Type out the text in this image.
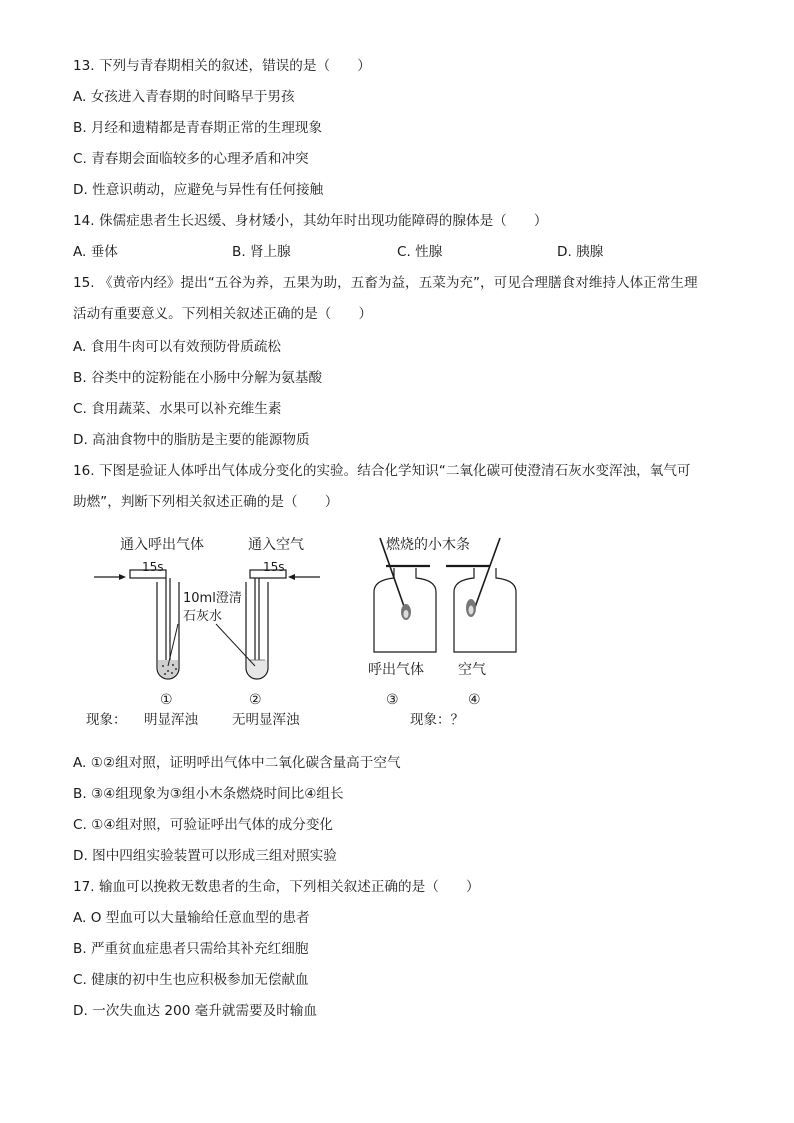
13. 下列与青春期相关的叙述，错误的是（　　）
A. 女孩进入青春期的时间略早于男孩
B. 月经和遗精都是青春期正常的生理现象
C. 青春期会面临较多的心理矛盾和冲突
D. 性意识萌动，应避免与异性有任何接触
14. 侏儒症患者生长迟缓、身材矮小，其幼年时出现功能障碍的腺体是（　　）
A. 垂体	B. 肾上腺	C. 性腺	D. 胰腺
15. 《黄帝内经》提出“五谷为养，五果为助，五畜为益，五菜为充”，可见合理膳食对维持人体正常生理
活动有重要意义。下列相关叙述正确的是（　　）
A. 食用牛肉可以有效预防骨质疏松
B. 谷类中的淀粉能在小肠中分解为氨基酸
C. 食用蔬菜、水果可以补充维生素
D. 高油食物中的脂肪是主要的能源物质
16. 下图是验证人体呼出气体成分变化的实验。结合化学知识“二氧化碳可使澄清石灰水变浑浊，氧气可
助燃”，判断下列相关叙述正确的是（　　）
通入呼出气体	通入空气
15s	15s
10ml澄清
石灰水
①	②
现象： 明显浑浊	无明显浑浊	现象：？
燃烧的小木条
呼出气体
③
空气
④
A. ①②组对照，证明呼出气体中二氧化碳含量高于空气
B. ③④组现象为③组小木条燃烧时间比④组长
C. ①④组对照，可验证呼出气体的成分变化
D. 图中四组实验装置可以形成三组对照实验
17. 输血可以挽救无数患者的生命，下列相关叙述正确的是（　　）
A. O 型血可以大量输给任意血型的患者
B. 严重贫血症患者只需给其补充红细胞
C. 健康的初中生也应积极参加无偿献血
D. 一次失血达 200 毫升就需要及时输血
